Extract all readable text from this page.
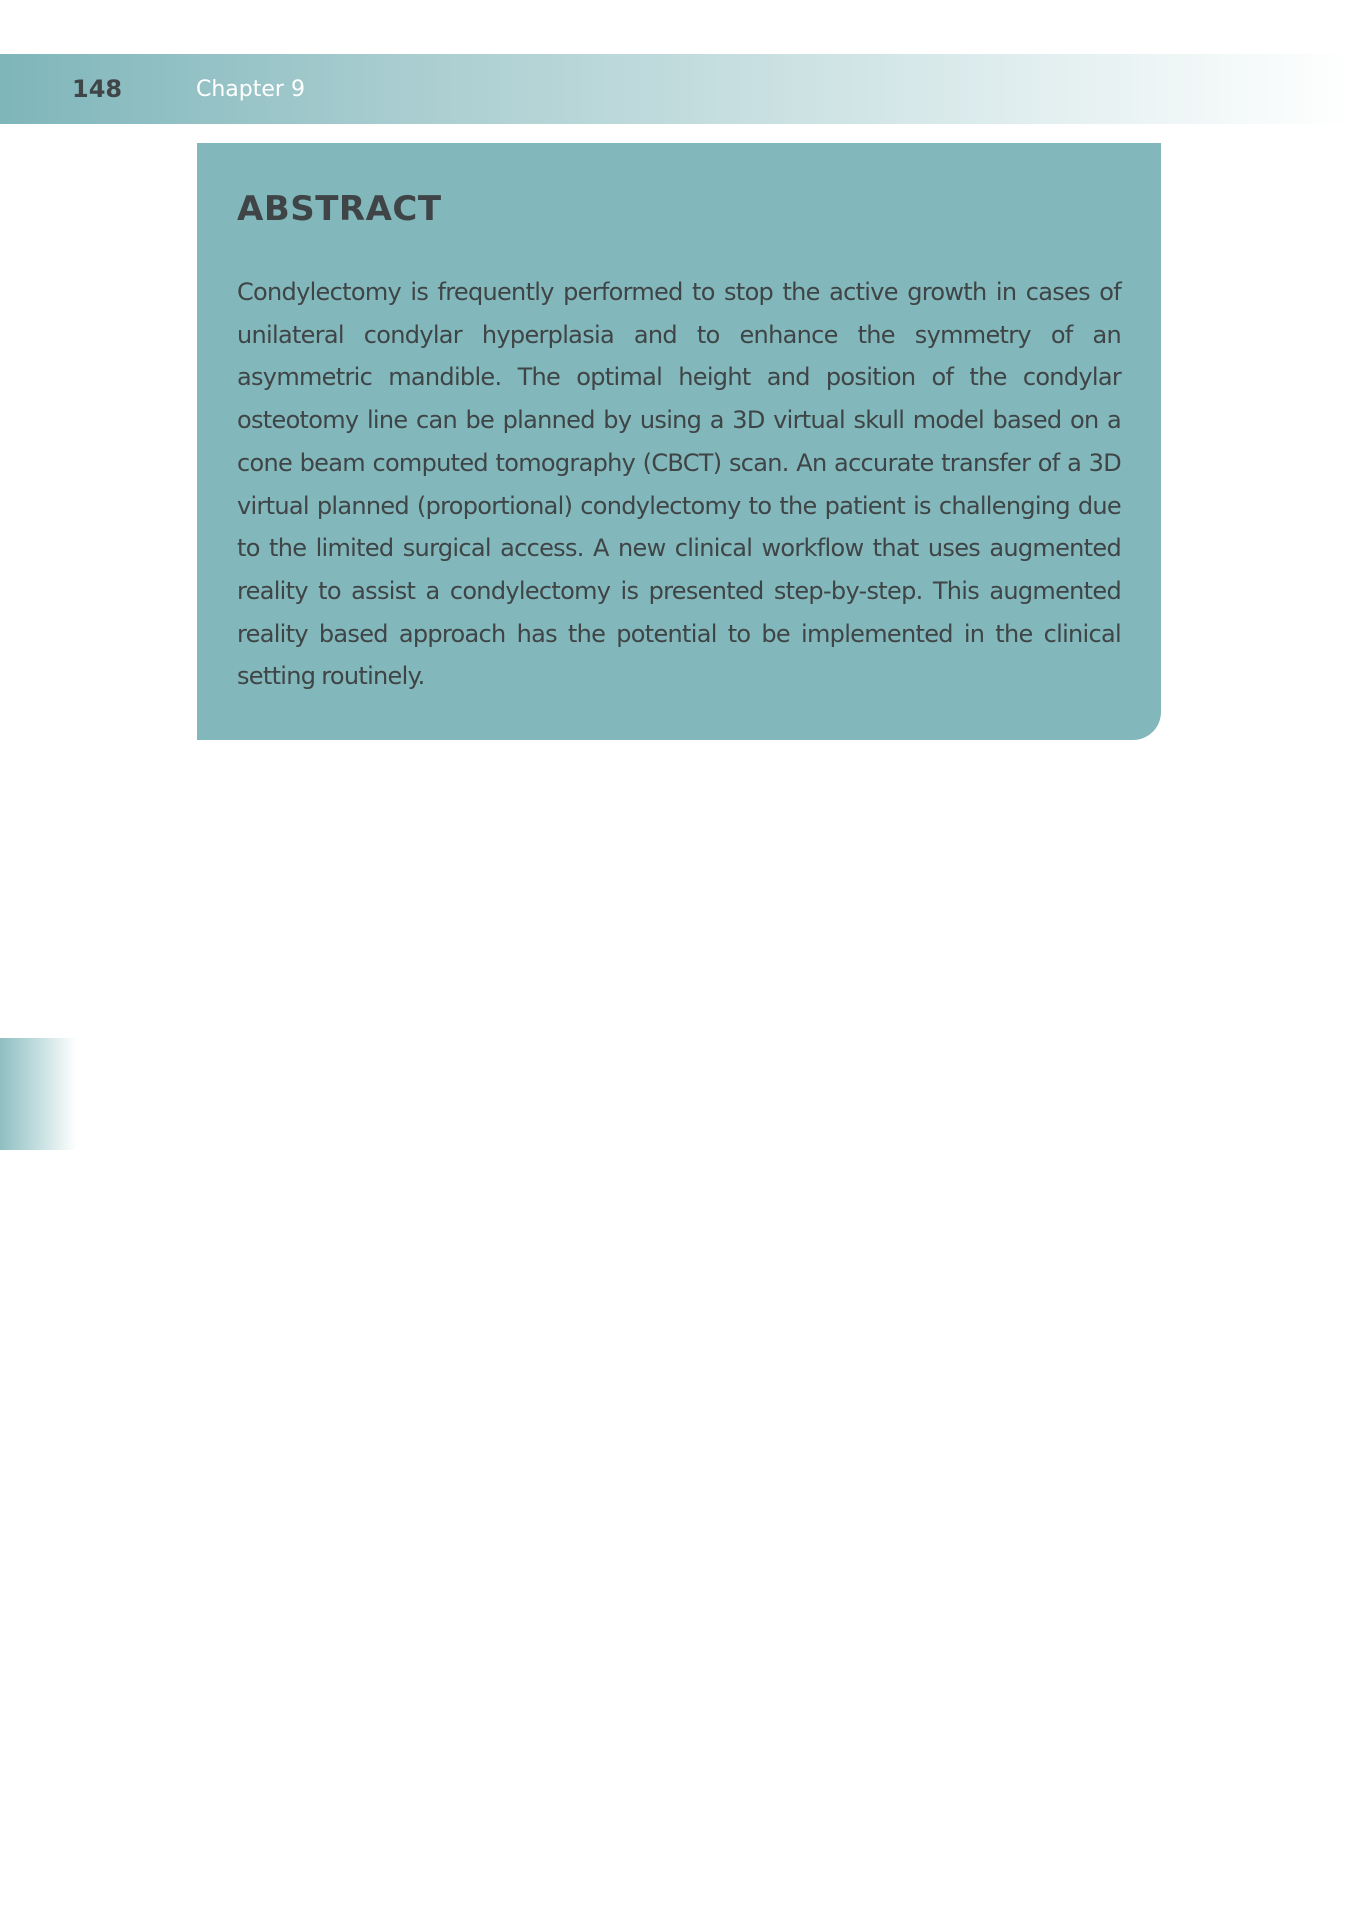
148	Chapter 9
ABSTRACT

Condylectomy is frequently performed to stop the active growth in cases of unilateral condylar hyperplasia and to enhance the symmetry of an asymmetric mandible. The optimal height and position of the condylar osteotomy line can be planned by using a 3D virtual skull model based on a cone beam computed tomography (CBCT) scan. An accurate transfer of a 3D virtual planned (proportional) condylectomy to the patient is challenging due to the limited surgical access. A new clinical workflow that uses augmented reality to assist a condylectomy is presented step-by-step. This augmented reality based approach has the potential to be implemented in the clinical setting routinely.
